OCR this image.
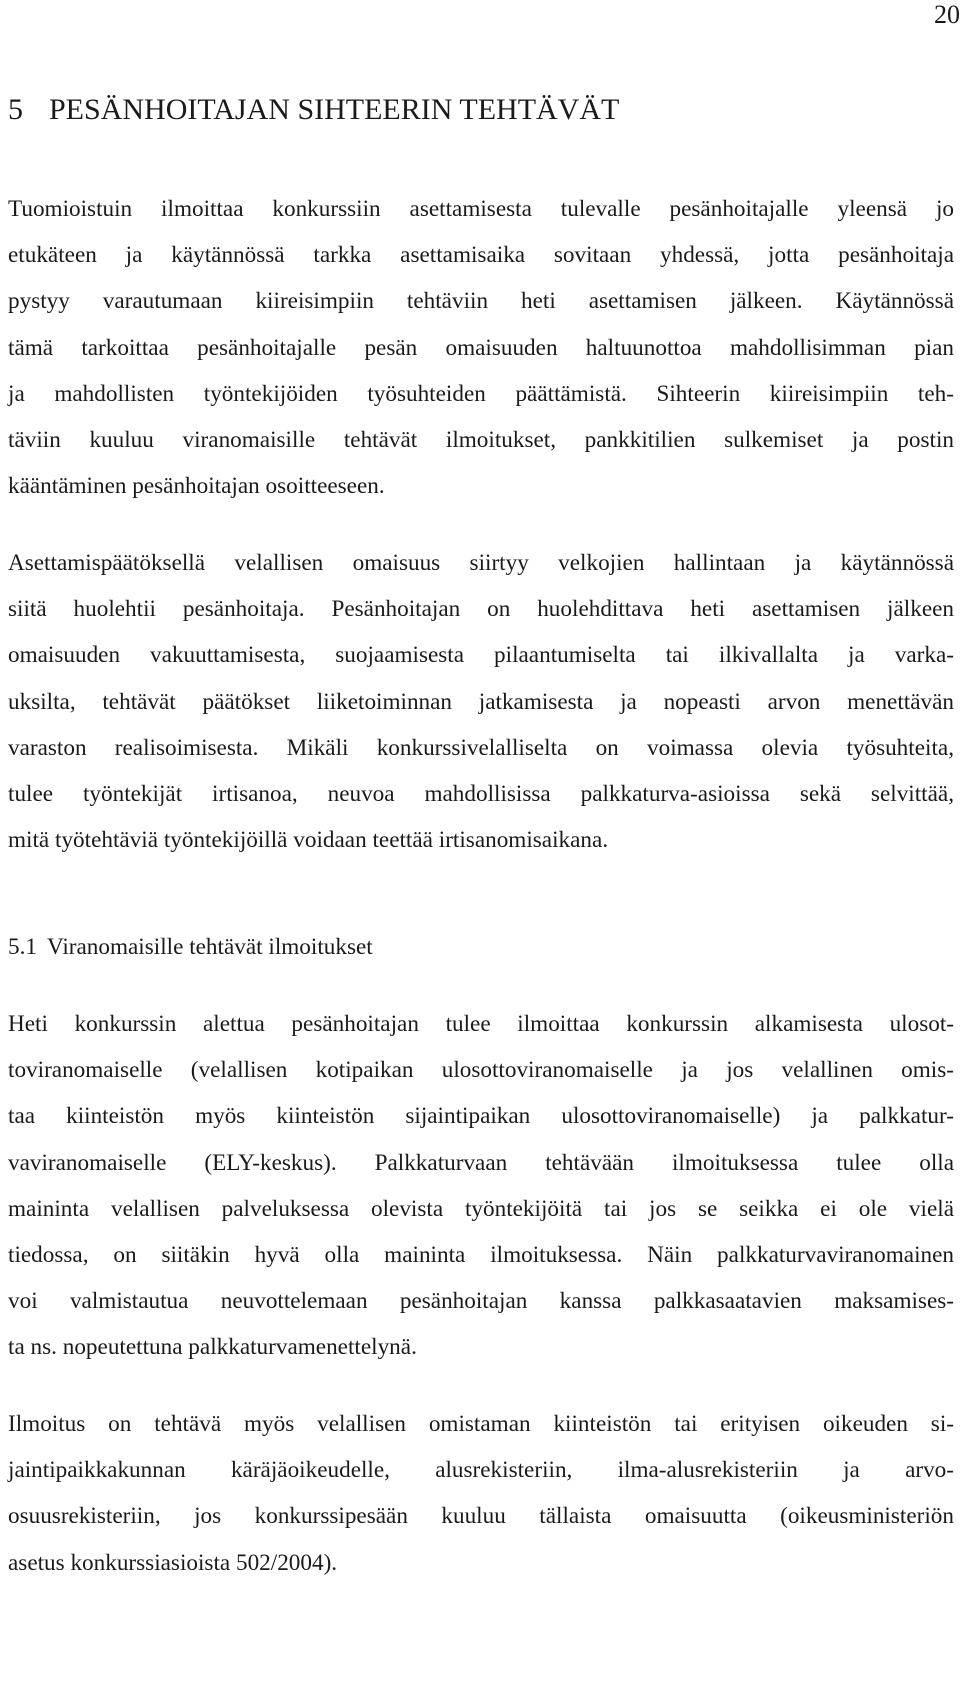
20
5 PESÄNHOITAJAN SIHTEERIN TEHTÄVÄT
Tuomioistuin ilmoittaa konkurssiin asettamisesta tulevalle pesänhoitajalle yleensä jo
etukäteen ja käytännössä tarkka asettamisaika sovitaan yhdessä, jotta pesänhoitaja
pystyy varautumaan kiireisimpiin tehtäviin heti asettamisen jälkeen. Käytännössä
tämä tarkoittaa pesänhoitajalle pesän omaisuuden haltuunottoa mahdollisimman pian
ja mahdollisten työntekijöiden työsuhteiden päättämistä. Sihteerin kiireisimpiin teh-
täviin kuuluu viranomaisille tehtävät ilmoitukset, pankkitilien sulkemiset ja postin
kääntäminen pesänhoitajan osoitteeseen.
Asettamispäätöksellä velallisen omaisuus siirtyy velkojien hallintaan ja käytännössä
siitä huolehtii pesänhoitaja. Pesänhoitajan on huolehdittava heti asettamisen jälkeen
omaisuuden vakuuttamisesta, suojaamisesta pilaantumiselta tai ilkivallalta ja varka-
uksilta, tehtävät päätökset liiketoiminnan jatkamisesta ja nopeasti arvon menettävän
varaston realisoimisesta. Mikäli konkurssivelalliselta on voimassa olevia työsuhteita,
tulee työntekijät irtisanoa, neuvoa mahdollisissa palkkaturva-asioissa sekä selvittää,
mitä työtehtäviä työntekijöillä voidaan teettää irtisanomisaikana.
5.1 Viranomaisille tehtävät ilmoitukset
Heti konkurssin alettua pesänhoitajan tulee ilmoittaa konkurssin alkamisesta ulosot-
toviranomaiselle (velallisen kotipaikan ulosottoviranomaiselle ja jos velallinen omis-
taa kiinteistön myös kiinteistön sijaintipaikan ulosottoviranomaiselle) ja palkkatur-
vaviranomaiselle (ELY-keskus). Palkkaturvaan tehtävään ilmoituksessa tulee olla
maininta velallisen palveluksessa olevista työntekijöitä tai jos se seikka ei ole vielä
tiedossa, on siitäkin hyvä olla maininta ilmoituksessa. Näin palkkaturvaviranomainen
voi valmistautua neuvottelemaan pesänhoitajan kanssa palkkasaatavien maksamises-
ta ns. nopeutettuna palkkaturvamenettelynä.
Ilmoitus on tehtävä myös velallisen omistaman kiinteistön tai erityisen oikeuden si-
jaintipaikkakunnan käräjäoikeudelle, alusrekisteriin, ilma-alusrekisteriin ja arvo-
osuusrekisteriin, jos konkurssipesään kuuluu tällaista omaisuutta (oikeusministeriön
asetus konkurssiasioista 502/2004).
